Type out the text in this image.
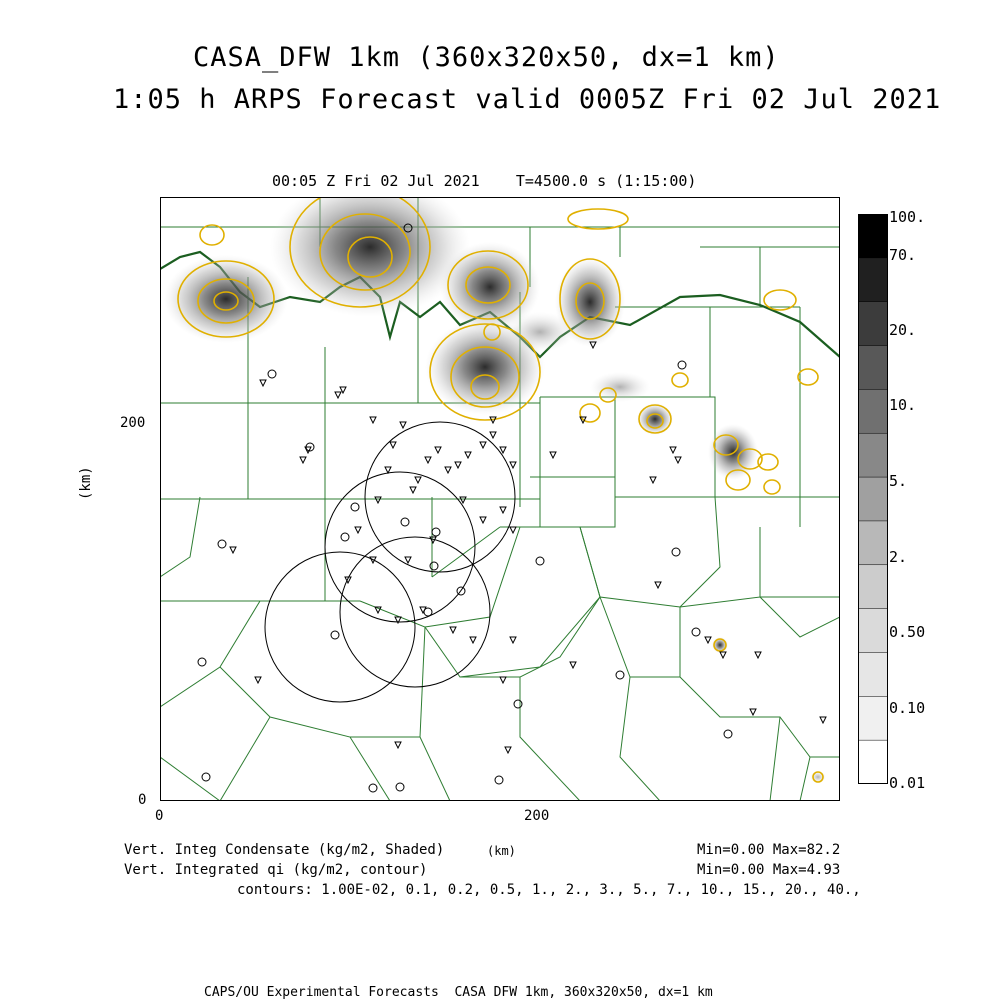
CASA_DFW 1km (360x320x50, dx=1 km)
1:05 h ARPS Forecast valid 0005Z Fri 02 Jul 2021
00:05 Z Fri 02 Jul 2021    T=4500.0 s (1:15:00)
(km)
200
0
0	200
100.
70.
20.
10.
5.
2.
0.50
0.10
0.01
Vert. Integ Condensate (kg/m2, Shaded)	(km)
Vert. Integrated qi (kg/m2, contour)
Min=0.00 Max=82.2
Min=0.00 Max=4.93
contours: 1.00E-02, 0.1, 0.2, 0.5, 1., 2., 3., 5., 7., 10., 15., 20., 40.,
CAPS/OU Experimental Forecasts  CASA DFW 1km, 360x320x50, dx=1 km
